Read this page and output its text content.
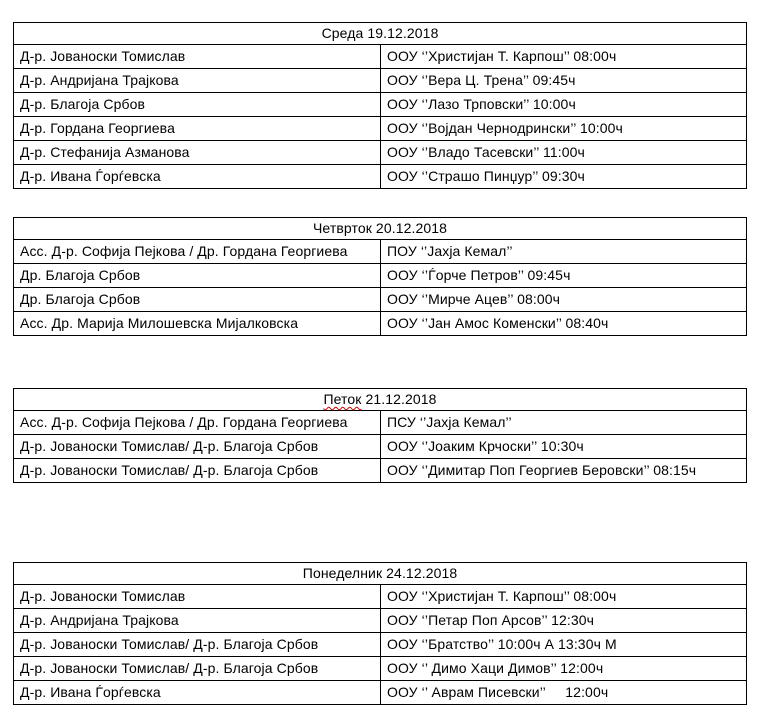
Среда 19.12.2018	
Д-р. Јованоски Томислав	ООУ ‘’Христијан Т. Карпош’’ 08:00ч
Д-р. Андријана Трајкова	ООУ ‘’Вера Ц. Трена’’ 09:45ч
Д-р. Благоја Србов	ООУ ‘’Лазо Трповски’’ 10:00ч
Д-р. Гордана Георгиева	ООУ ‘’Војдан Чернодрински’’ 10:00ч
Д-р. Стефанија Азманова	ООУ ‘’Владо Тасевски’’ 11:00ч
Д-р. Ивана Ѓорѓевска	ООУ ‘’Страшо Пинџур’’ 09:30ч
Четврток 20.12.2018	
Асс. Д-р. Софија Пејкова / Др. Гордана Георгиева	ПОУ ‘’Јахја Кемал’’
Др. Благоја Србов	ООУ ‘’Ѓорче Петров’’ 09:45ч
Др. Благоја Србов	ООУ ‘’Мирче Ацев’’ 08:00ч
Асс. Др. Марија Милошевска Мијалковска	ООУ ‘’Јан Амос Коменски’’ 08:40ч
Петок 21.12.2018	
Асс. Д-р. Софија Пејкова / Др. Гордана Георгиева	ПСУ ‘’Јахја Кемал’’
Д-р. Јованоски Томислав/ Д-р. Благоја Србов	ООУ ‘’Јоаким Крчоски’’ 10:30ч
Д-р. Јованоски Томислав/ Д-р. Благоја Србов	ООУ ‘’Димитар Поп Георгиев Беровски’’ 08:15ч
Понеделник 24.12.2018	
Д-р. Јованоски Томислав	ООУ ‘’Христијан Т. Карпош’’ 08:00ч
Д-р. Андријана Трајкова	ООУ ‘’Петар Поп Арсов’’ 12:30ч
Д-р. Јованоски Томислав/ Д-р. Благоја Србов	ООУ ‘’Братство’’ 10:00ч А 13:30ч М
Д-р. Јованоски Томислав/ Д-р. Благоја Србов	ООУ ‘’ Димо Хаци Димов’’ 12:00ч
Д-р. Ивана Ѓорѓевска	ООУ ‘’ Аврам Писевски’’     12:00ч
